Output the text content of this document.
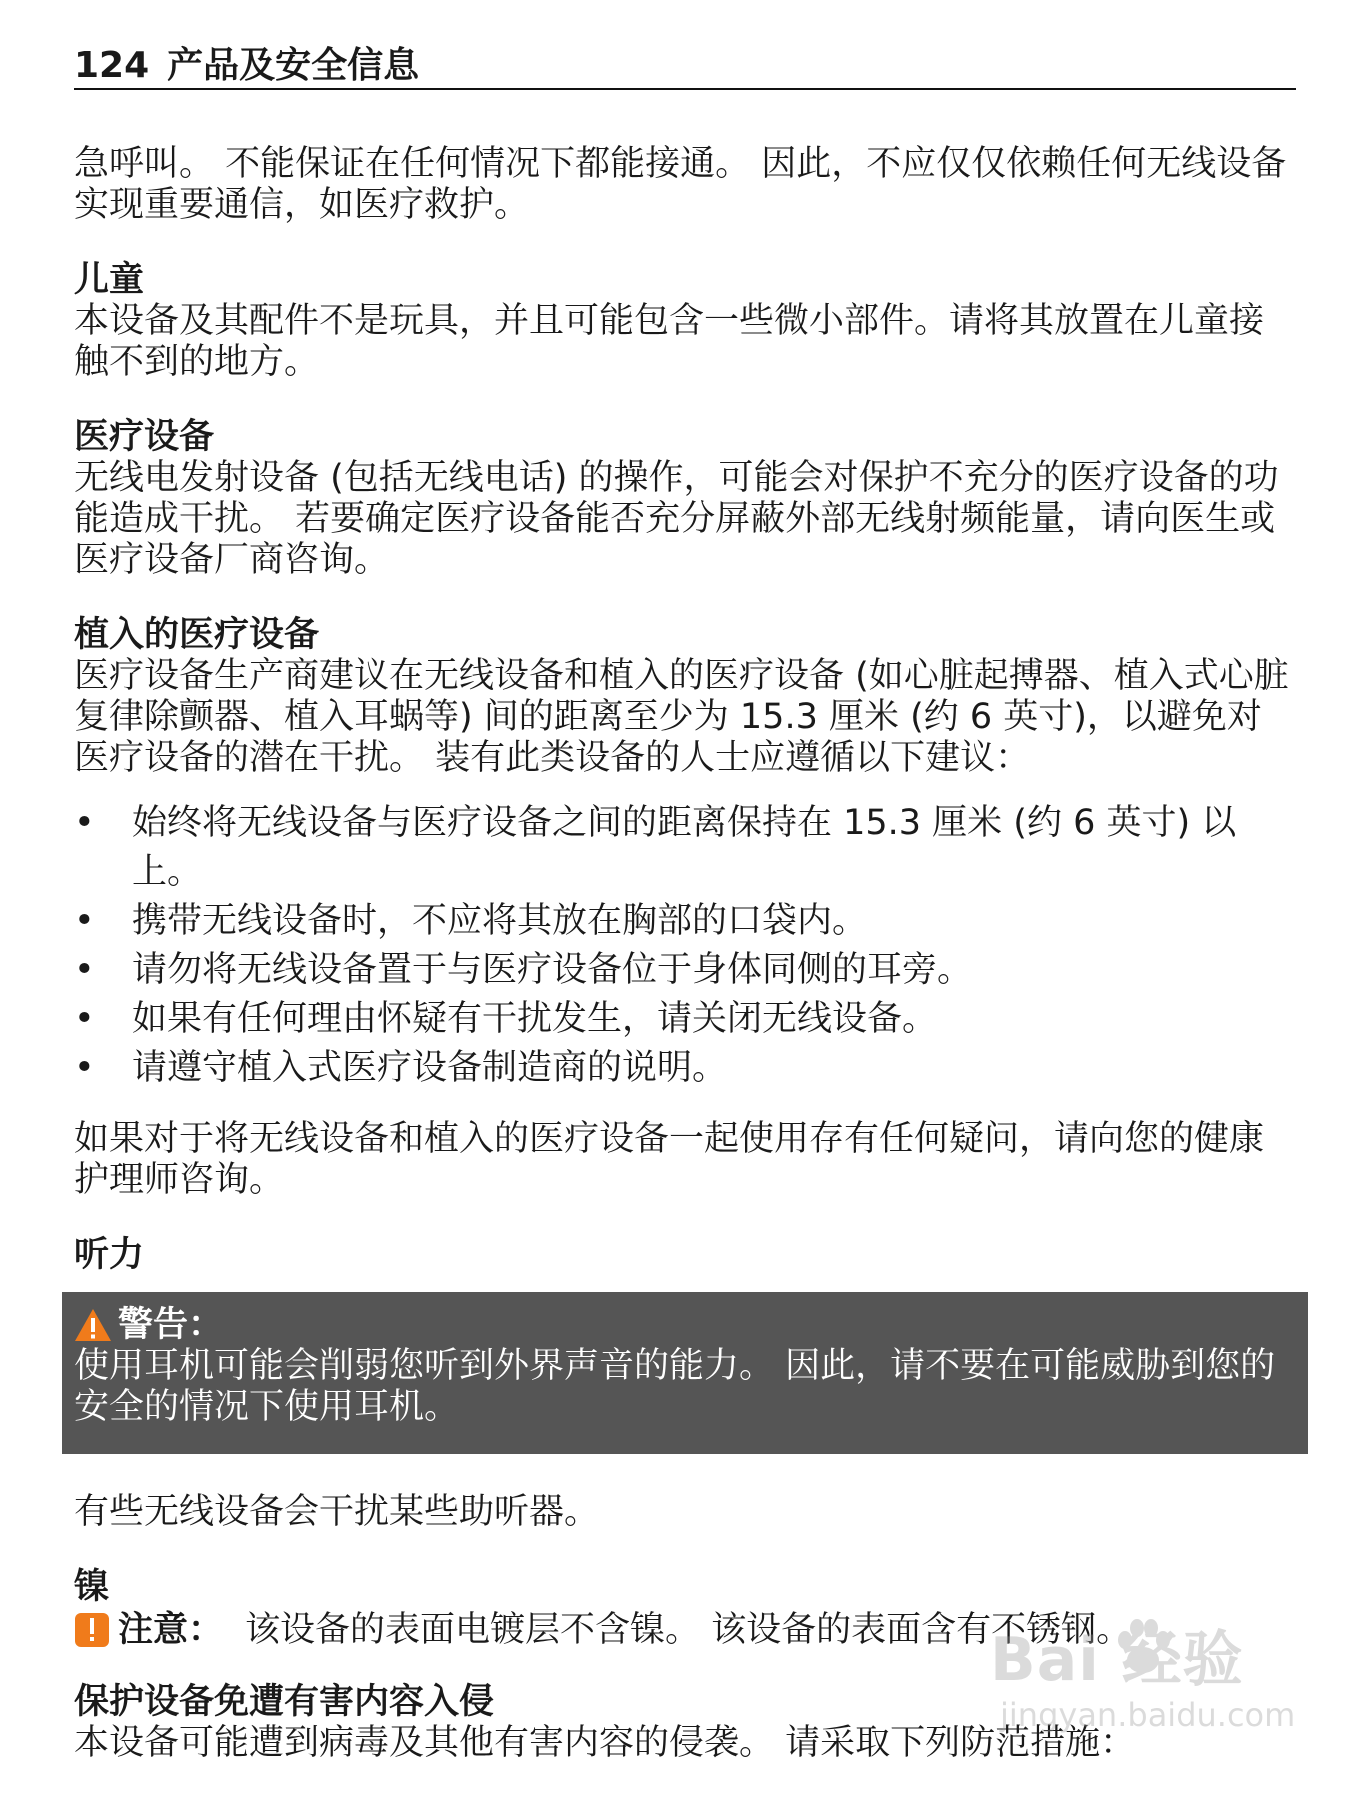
124 产品及安全信息

急呼叫。 不能保证在任何情况下都能接通。 因此，不应仅仅依赖任何无线设备实现重要通信，如医疗救护。

儿童

本设备及其配件不是玩具，并且可能包含一些微小部件。请将其放置在儿童接触不到的地方。

医疗设备

无线电发射设备 (包括无线电话) 的操作，可能会对保护不充分的医疗设备的功能造成干扰。 若要确定医疗设备能否充分屏蔽外部无线射频能量，请向医生或医疗设备厂商咨询。

植入的医疗设备

医疗设备生产商建议在无线设备和植入的医疗设备 (如心脏起搏器、植入式心脏复律除颤器、植入耳蜗等) 间的距离至少为 15.3 厘米 (约 6 英寸)，以避免对医疗设备的潜在干扰。 装有此类设备的人士应遵循以下建议：

• 始终将无线设备与医疗设备之间的距离保持在 15.3 厘米 (约 6 英寸) 以上。
• 携带无线设备时，不应将其放在胸部的口袋内。
• 请勿将无线设备置于与医疗设备位于身体同侧的耳旁。
• 如果有任何理由怀疑有干扰发生，请关闭无线设备。
• 请遵守植入式医疗设备制造商的说明。

如果对于将无线设备和植入的医疗设备一起使用存有任何疑问，请向您的健康护理师咨询。

听力
警告：

使用耳机可能会削弱您听到外界声音的能力。 因此，请不要在可能威胁到您的安全的情况下使用耳机。

有些无线设备会干扰某些助听器。

镍
注意： 该设备的表面电镀层不含镍。 该设备的表面含有不锈钢。
保护设备免遭有害内容入侵

本设备可能遭到病毒及其他有害内容的侵袭。 请采取下列防范措施：

Bai 经验
jingyan.baidu.com
